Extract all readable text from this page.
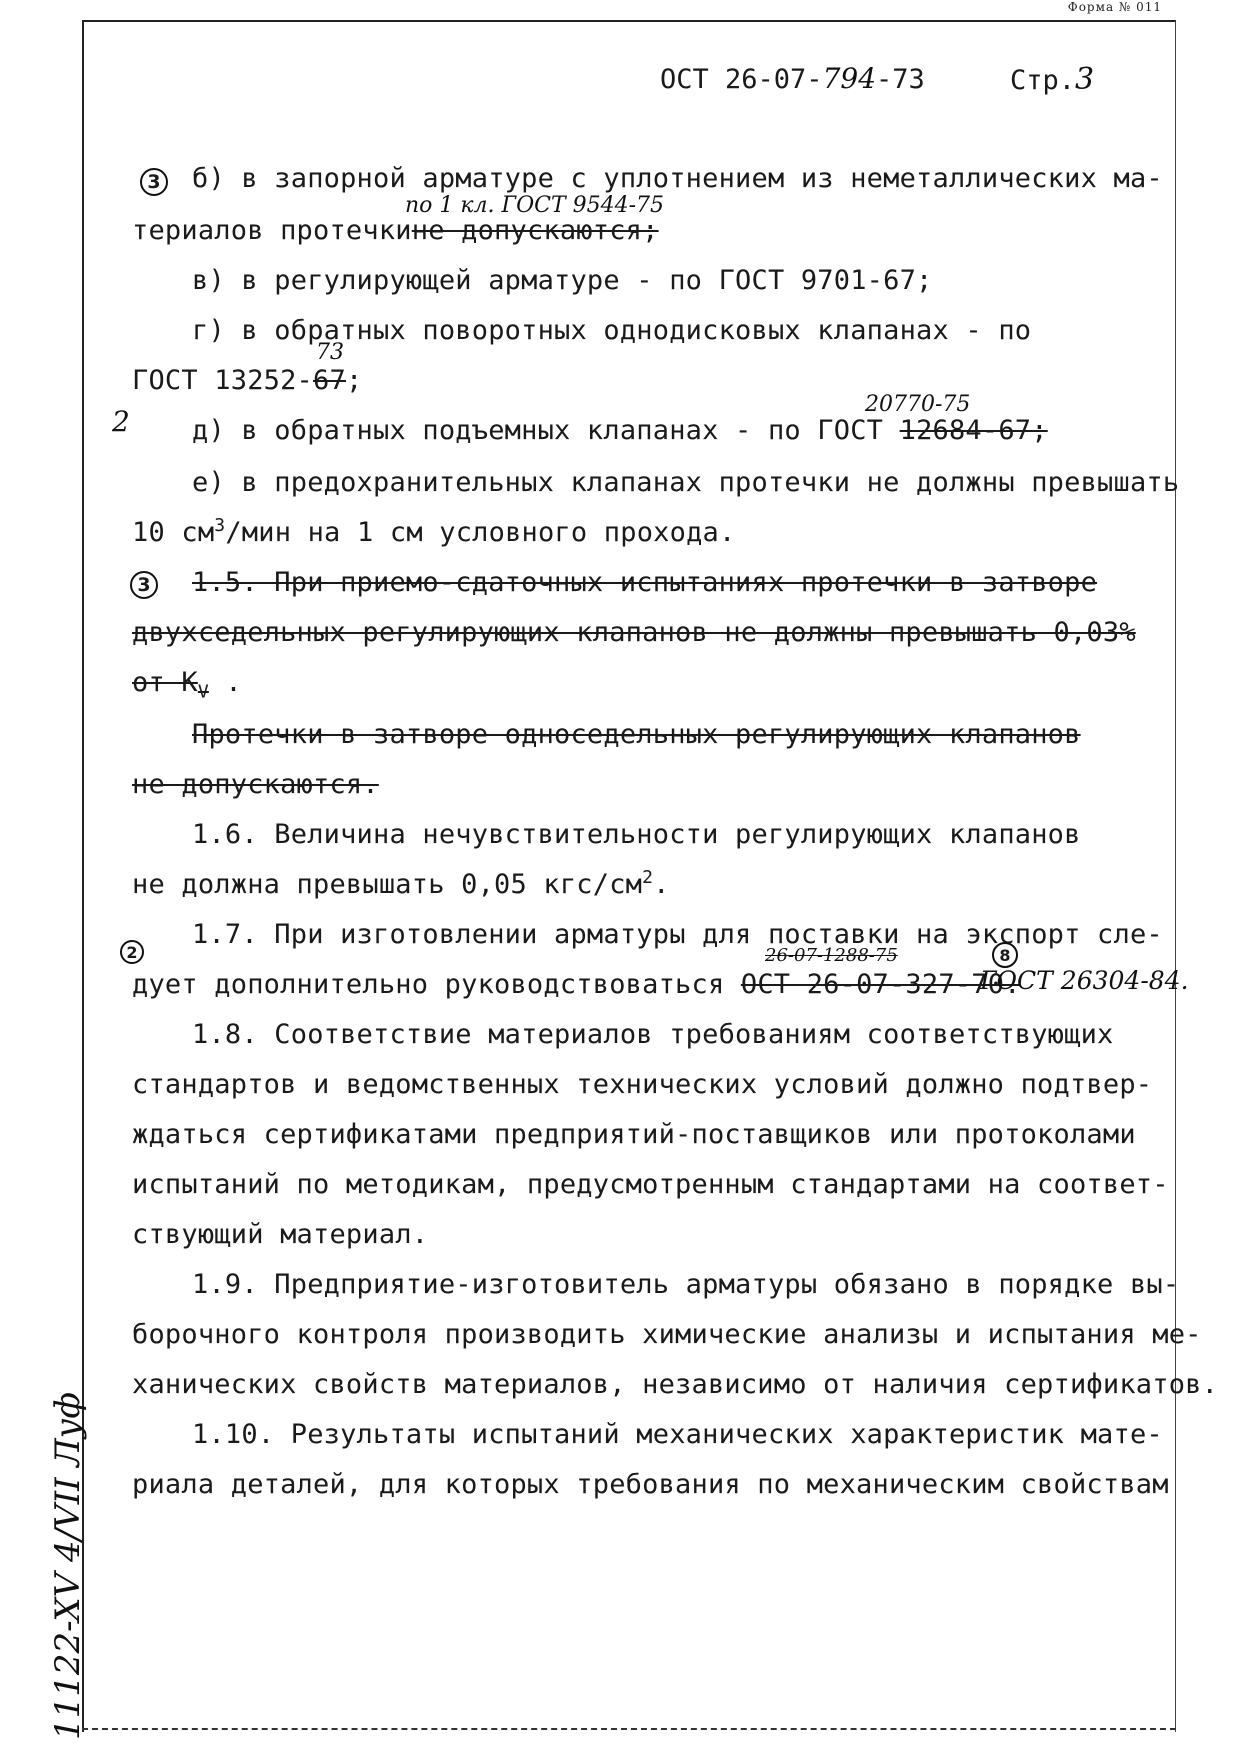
Форма № 011
ОСТ 26-07-794-73	Стр.3
3 б) в запорной арматуре с уплотнением из неметаллических ма-
по 1 кл. ГОСТ 9544-75
териалов протечкине допускаются;
в) в регулирующей арматуре - по ГОСТ 9701-67;
г) в обратных поворотных однодисковых клапанах - по
73
ГОСТ 13252-67;
2
20770-75
д) в обратных подъемных клапанах - по ГОСТ 12684-67;
е) в предохранительных клапанах протечки не должны превышать
10 $см^3$/мин на 1 см условного прохода.
3 1.5. При приемо-сдаточных испытаниях протечки в затворе
двухседельных регулирующих клапанов не должны превышать 0,03%
от $K_V$ .
Протечки в затворе односедельных регулирующих клапанов
не допускаются.
1.6. Величина нечувствительности регулирующих клапанов
не должна превышать 0,05 кгс/$см^2$.
2
1.7. При изготовлении арматуры для поставки на экспорт сле-
26-07-1288-75	8
дует дополнительно руководствоваться ОСТ 26-07-327-70.
ГОСТ 26304-84.
1.8. Соответствие материалов требованиям соответствующих
стандартов и ведомственных технических условий должно подтвер-
ждаться сертификатами предприятий-поставщиков или протоколами
испытаний по методикам, предусмотренным стандартами на соответ-
ствующий материал.
1.9. Предприятие-изготовитель арматуры обязано в порядке вы-
борочного контроля производить химические анализы и испытания ме-
ханических свойств материалов, независимо от наличия сертификатов.
1.10. Результаты испытаний механических характеристик мате-
риала деталей, для которых требования по механическим свойствам
11122-XV 4/VII Луф
